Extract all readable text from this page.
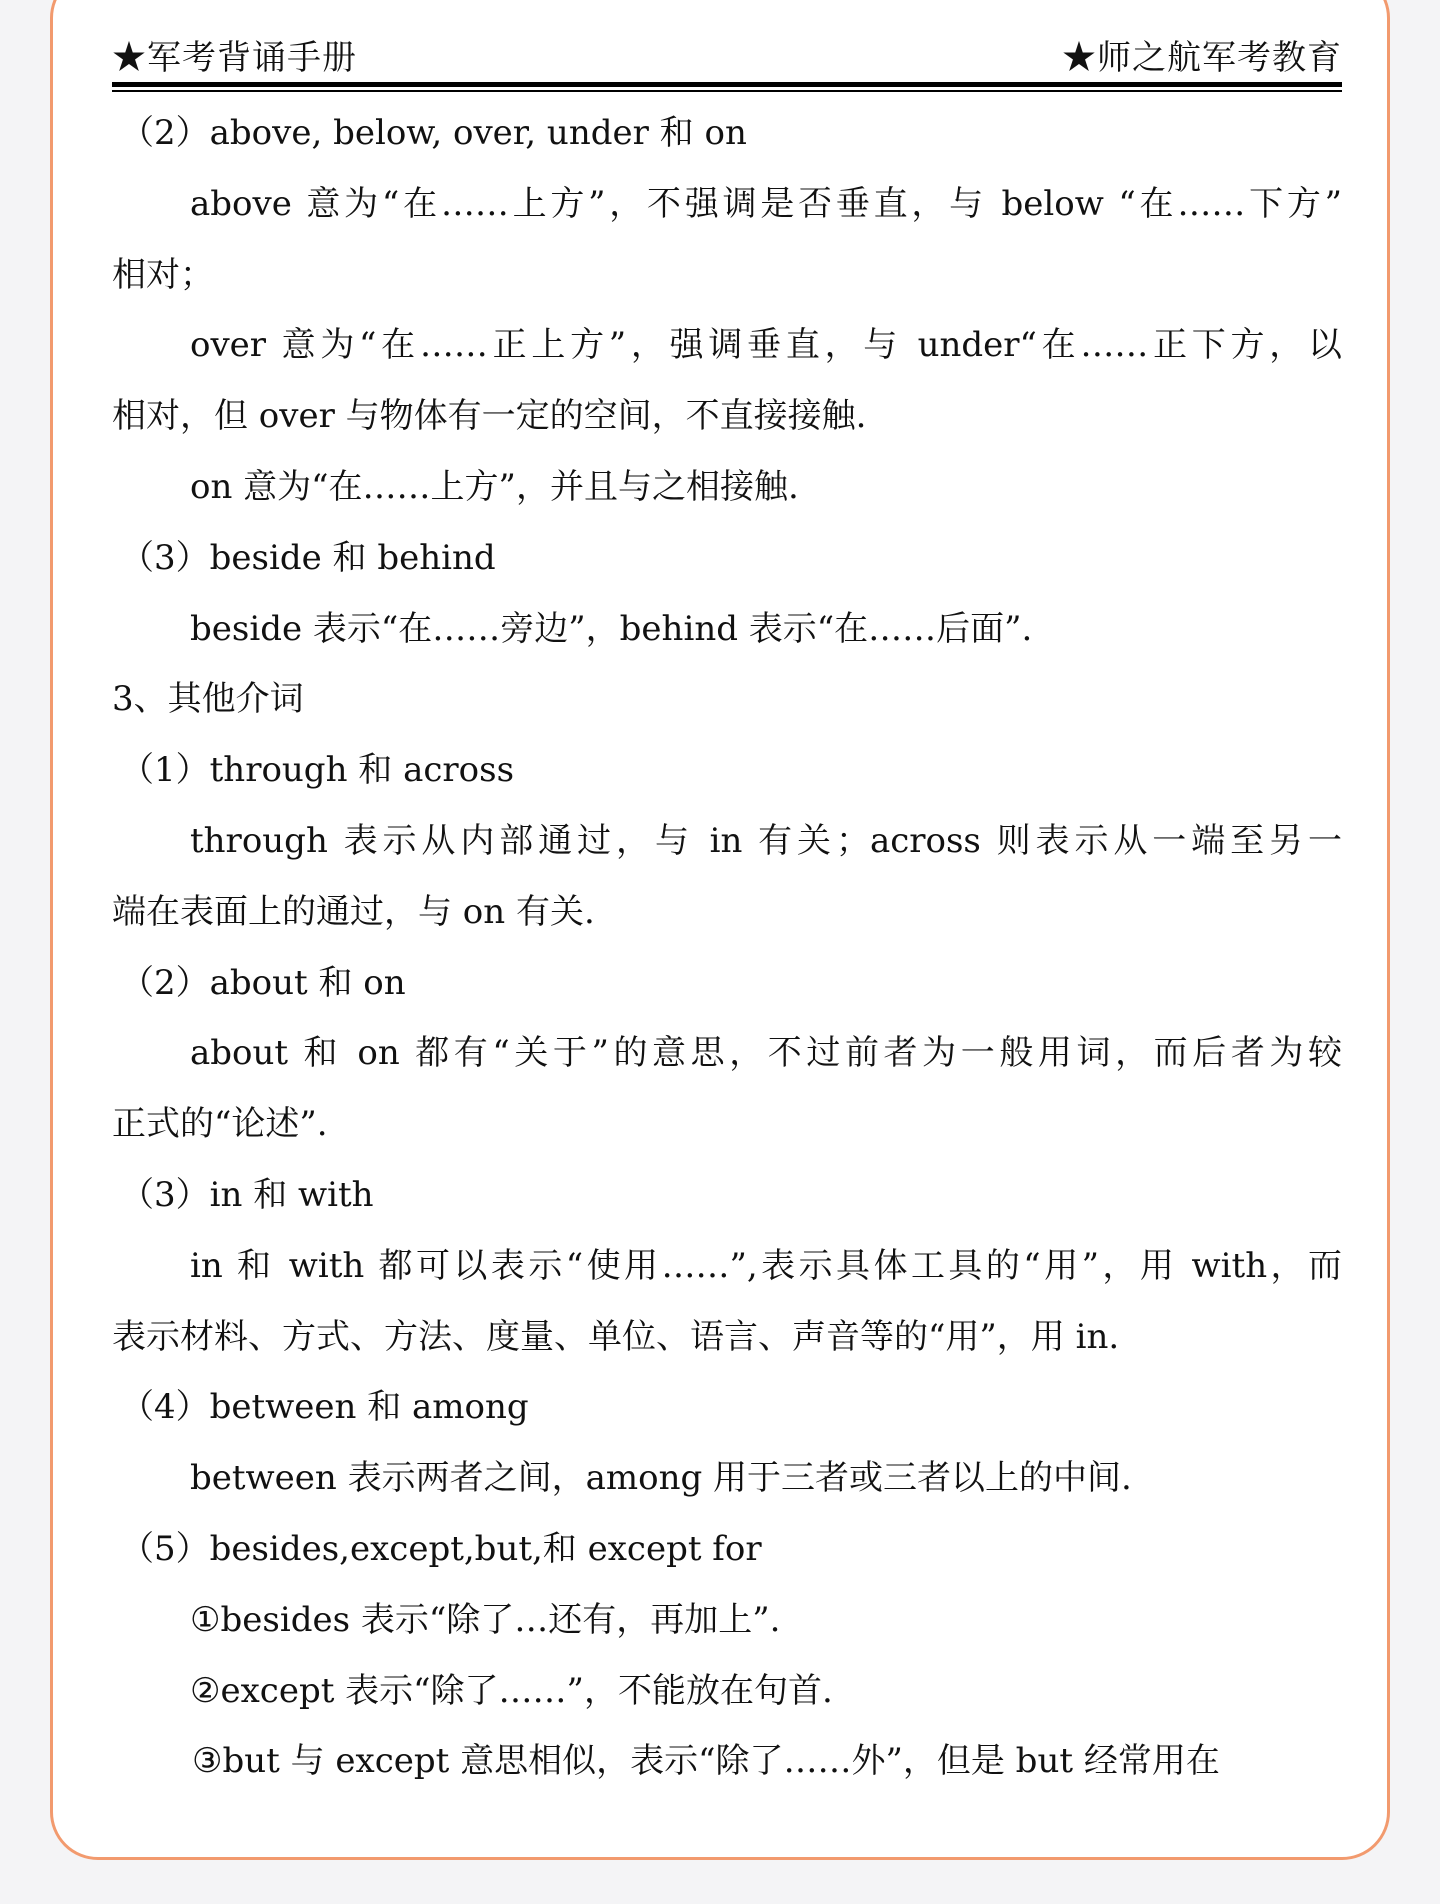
★军考背诵手册	★师之航军考教育
（2）above, below, over, under 和 on
above 意为“在……上方”，不强调是否垂直，与 below “在……下方”
相对；
over 意为“在……正上方”，强调垂直，与 under“在……正下方，以
相对，但 over 与物体有一定的空间，不直接接触.
on 意为“在……上方”，并且与之相接触.
（3）beside 和 behind
beside 表示“在……旁边”，behind 表示“在……后面”.
3、其他介词
（1）through 和 across
through 表示从内部通过，与 in 有关；across 则表示从一端至另一
端在表面上的通过，与 on 有关.
（2）about 和 on
about 和 on 都有“关于”的意思，不过前者为一般用词，而后者为较
正式的“论述”.
（3）in 和 with
in 和 with 都可以表示“使用……”,表示具体工具的“用”，用 with，而
表示材料、方式、方法、度量、单位、语言、声音等的“用”，用 in.
（4）between 和 among
between 表示两者之间，among 用于三者或三者以上的中间.
（5）besides,except,but,和 except for
①besides 表示“除了…还有，再加上”.
②except 表示“除了……”，不能放在句首.
③but 与 except 意思相似，表示“除了……外”，但是 but 经常用在
